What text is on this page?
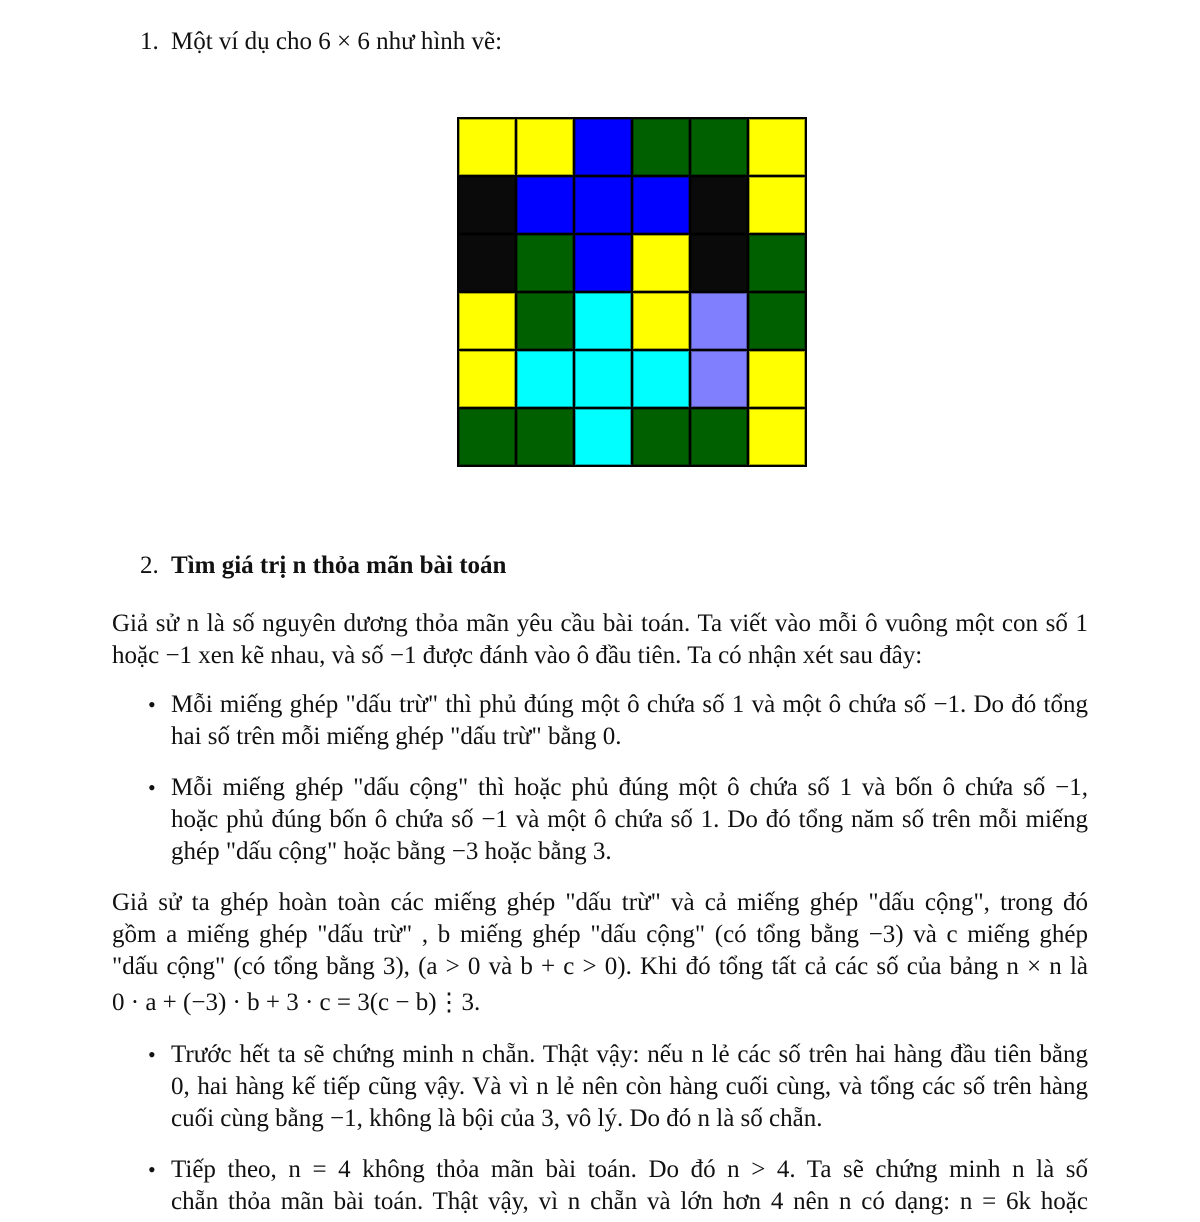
1. Một ví dụ cho 6 × 6 như hình vẽ:
2. Tìm giá trị n thỏa mãn bài toán
Giả sử n là số nguyên dương thỏa mãn yêu cầu bài toán. Ta viết vào mỗi ô vuông một con số 1
hoặc −1 xen kẽ nhau, và số −1 được đánh vào ô đầu tiên. Ta có nhận xét sau đây:
• Mỗi miếng ghép "dấu trừ" thì phủ đúng một ô chứa số 1 và một ô chứa số −1. Do đó tổng
hai số trên mỗi miếng ghép "dấu trừ" bằng 0.
• Mỗi miếng ghép "dấu cộng" thì hoặc phủ đúng một ô chứa số 1 và bốn ô chứa số −1,
hoặc phủ đúng bốn ô chứa số −1 và một ô chứa số 1. Do đó tổng năm số trên mỗi miếng
ghép "dấu cộng" hoặc bằng −3 hoặc bằng 3.
Giả sử ta ghép hoàn toàn các miếng ghép "dấu trừ" và cả miếng ghép "dấu cộng", trong đó
gồm a miếng ghép "dấu trừ" , b miếng ghép "dấu cộng" (có tổng bằng −3) và c miếng ghép
"dấu cộng" (có tổng bằng 3), (a > 0 và b + c > 0). Khi đó tổng tất cả các số của bảng n × n là
0 · a + (−3) · b + 3 · c = 3(c − b)⋮3.
• Trước hết ta sẽ chứng minh n chẵn. Thật vậy: nếu n lẻ các số trên hai hàng đầu tiên bằng
0, hai hàng kế tiếp cũng vậy. Và vì n lẻ nên còn hàng cuối cùng, và tổng các số trên hàng
cuối cùng bằng −1, không là bội của 3, vô lý. Do đó n là số chẵn.
• Tiếp theo, n = 4 không thỏa mãn bài toán. Do đó n > 4. Ta sẽ chứng minh n là số
chẵn thỏa mãn bài toán. Thật vậy, vì n chẵn và lớn hơn 4 nên n có dạng: n = 6k hoặc
